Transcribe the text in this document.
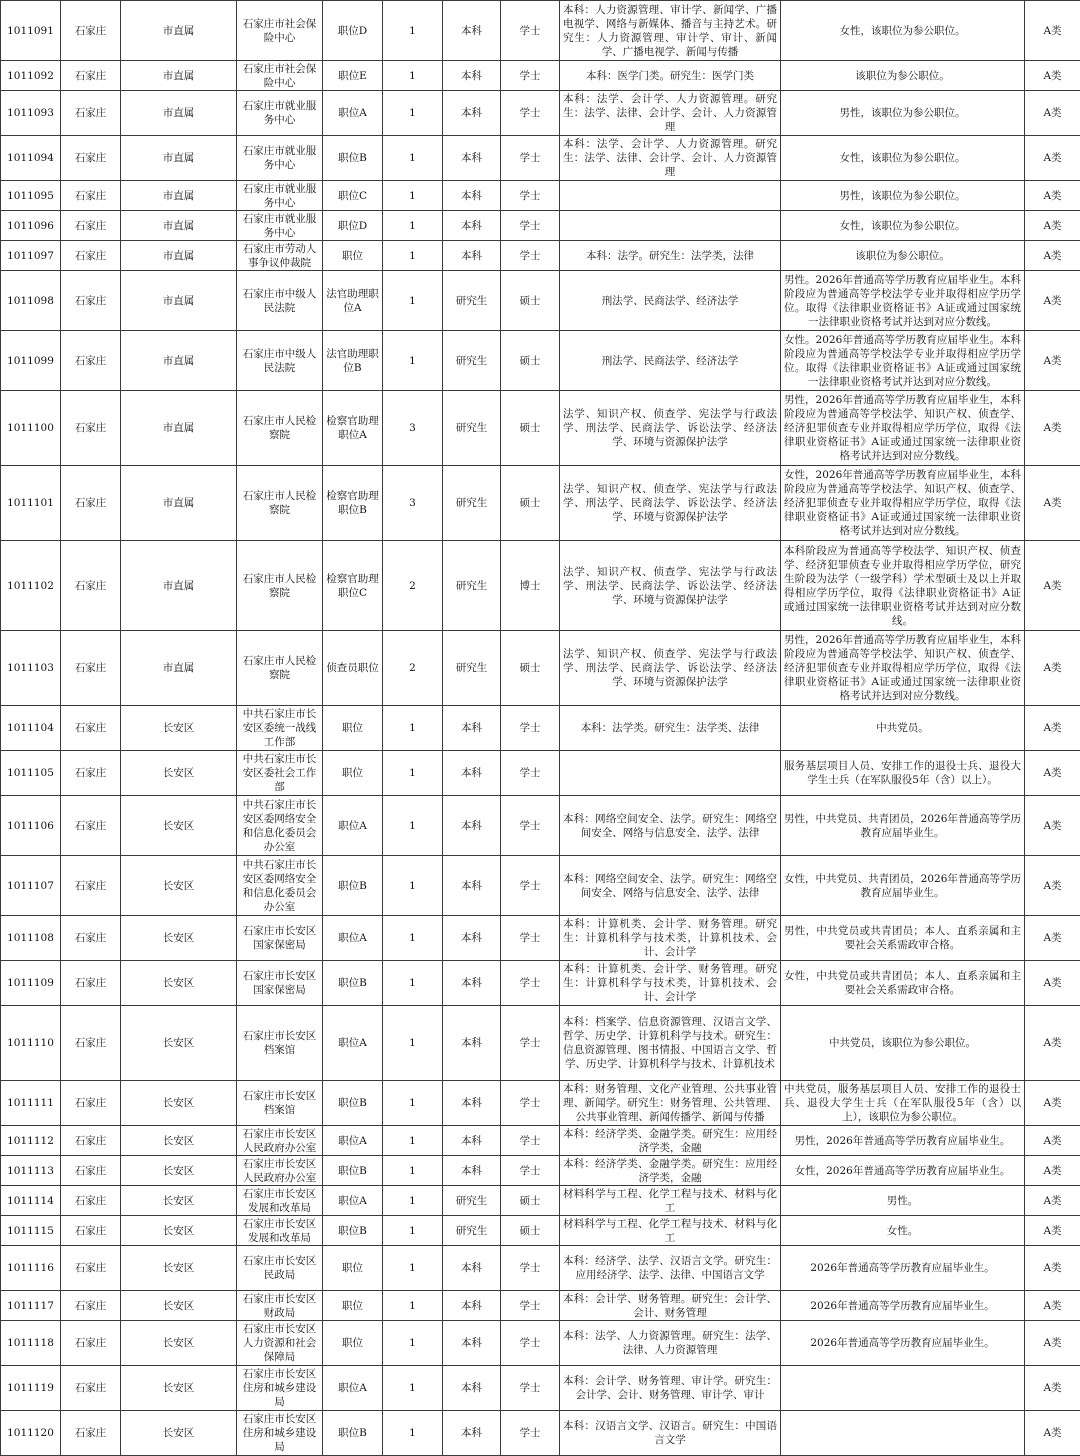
1011091	石家庄	市直属	石家庄市社会保险中心	职位D	1	本科	学士	本科：人力资源管理、审计学、新闻学、广播电视学、网络与新媒体、播音与主持艺术。研究生：人力资源管理、审计学、审计、新闻学、广播电视学、新闻与传播	女性，该职位为参公职位。	A类
1011092	石家庄	市直属	石家庄市社会保险中心	职位E	1	本科	学士	本科：医学门类。研究生：医学门类	该职位为参公职位。	A类
1011093	石家庄	市直属	石家庄市就业服务中心	职位A	1	本科	学士	本科：法学、会计学、人力资源管理。研究生：法学、法律、会计学、会计、人力资源管理	男性，该职位为参公职位。	A类
1011094	石家庄	市直属	石家庄市就业服务中心	职位B	1	本科	学士	本科：法学、会计学、人力资源管理。研究生：法学、法律、会计学、会计、人力资源管理	女性，该职位为参公职位。	A类
1011095	石家庄	市直属	石家庄市就业服务中心	职位C	1	本科	学士		男性，该职位为参公职位。	A类
1011096	石家庄	市直属	石家庄市就业服务中心	职位D	1	本科	学士		女性，该职位为参公职位。	A类
1011097	石家庄	市直属	石家庄市劳动人事争议仲裁院	职位	1	本科	学士	本科：法学。研究生：法学类，法律	该职位为参公职位。	A类
1011098	石家庄	市直属	石家庄市中级人民法院	法官助理职位A	1	研究生	硕士	刑法学、民商法学、经济法学	男性。2026年普通高等学历教育应届毕业生。本科阶段应为普通高等学校法学专业并取得相应学历学位。取得《法律职业资格证书》A证或通过国家统一法律职业资格考试并达到对应分数线。	A类
1011099	石家庄	市直属	石家庄市中级人民法院	法官助理职位B	1	研究生	硕士	刑法学、民商法学、经济法学	女性。2026年普通高等学历教育应届毕业生。本科阶段应为普通高等学校法学专业并取得相应学历学位。取得《法律职业资格证书》A证或通过国家统一法律职业资格考试并达到对应分数线。	A类
1011100	石家庄	市直属	石家庄市人民检察院	检察官助理职位A	3	研究生	硕士	法学、知识产权、侦查学、宪法学与行政法学、刑法学、民商法学、诉讼法学、经济法学、环境与资源保护法学	男性，2026年普通高等学历教育应届毕业生，本科阶段应为普通高等学校法学、知识产权、侦查学、经济犯罪侦查专业并取得相应学历学位，取得《法律职业资格证书》A证或通过国家统一法律职业资格考试并达到对应分数线。	A类
1011101	石家庄	市直属	石家庄市人民检察院	检察官助理职位B	3	研究生	硕士	法学、知识产权、侦查学、宪法学与行政法学、刑法学、民商法学、诉讼法学、经济法学、环境与资源保护法学	女性，2026年普通高等学历教育应届毕业生，本科阶段应为普通高等学校法学、知识产权、侦查学、经济犯罪侦查专业并取得相应学历学位，取得《法律职业资格证书》A证或通过国家统一法律职业资格考试并达到对应分数线。	A类
1011102	石家庄	市直属	石家庄市人民检察院	检察官助理职位C	2	研究生	博士	法学、知识产权、侦查学、宪法学与行政法学、刑法学、民商法学、诉讼法学、经济法学、环境与资源保护法学	本科阶段应为普通高等学校法学、知识产权、侦查学、经济犯罪侦查专业并取得相应学历学位，研究生阶段为法学（一级学科）学术型硕士及以上并取得相应学历学位，取得《法律职业资格证书》A证或通过国家统一法律职业资格考试并达到对应分数线。	A类
1011103	石家庄	市直属	石家庄市人民检察院	侦查员职位	2	研究生	硕士	法学、知识产权、侦查学、宪法学与行政法学、刑法学、民商法学、诉讼法学、经济法学、环境与资源保护法学	男性，2026年普通高等学历教育应届毕业生，本科阶段应为普通高等学校法学、知识产权、侦查学、经济犯罪侦查专业并取得相应学历学位，取得《法律职业资格证书》A证或通过国家统一法律职业资格考试并达到对应分数线。	A类
1011104	石家庄	长安区	中共石家庄市长安区委统一战线工作部	职位	1	本科	学士	本科：法学类。研究生：法学类、法律	中共党员。	A类
1011105	石家庄	长安区	中共石家庄市长安区委社会工作部	职位	1	本科	学士		服务基层项目人员、安排工作的退役士兵、退役大学生士兵（在军队服役5年（含）以上）。	A类
1011106	石家庄	长安区	中共石家庄市长安区委网络安全和信息化委员会办公室	职位A	1	本科	学士	本科：网络空间安全、法学。研究生：网络空间安全、网络与信息安全、法学、法律	男性，中共党员、共青团员，2026年普通高等学历教育应届毕业生。	A类
1011107	石家庄	长安区	中共石家庄市长安区委网络安全和信息化委员会办公室	职位B	1	本科	学士	本科：网络空间安全、法学。研究生：网络空间安全、网络与信息安全、法学、法律	女性，中共党员、共青团员，2026年普通高等学历教育应届毕业生。	A类
1011108	石家庄	长安区	石家庄市长安区国家保密局	职位A	1	本科	学士	本科：计算机类、会计学、财务管理。研究生：计算机科学与技术类，计算机技术、会计、会计学	男性，中共党员或共青团员；本人、直系亲属和主要社会关系需政审合格。	A类
1011109	石家庄	长安区	石家庄市长安区国家保密局	职位B	1	本科	学士	本科：计算机类、会计学、财务管理。研究生：计算机科学与技术类，计算机技术、会计、会计学	女性，中共党员或共青团员；本人、直系亲属和主要社会关系需政审合格。	A类
1011110	石家庄	长安区	石家庄市长安区档案馆	职位A	1	本科	学士	本科：档案学、信息资源管理、汉语言文学、哲学、历史学、计算机科学与技术。研究生：信息资源管理、图书情报、中国语言文学、哲学、历史学、计算机科学与技术、计算机技术	中共党员，该职位为参公职位。	A类
1011111	石家庄	长安区	石家庄市长安区档案馆	职位B	1	本科	学士	本科：财务管理、文化产业管理、公共事业管理、新闻学。研究生：财务管理、公共管理、公共事业管理、新闻传播学、新闻与传播	中共党员，服务基层项目人员、安排工作的退役士兵、退役大学生士兵（在军队服役5年（含）以上），该职位为参公职位。	A类
1011112	石家庄	长安区	石家庄市长安区人民政府办公室	职位A	1	本科	学士	本科：经济学类、金融学类。研究生：应用经济学类，金融	男性，2026年普通高等学历教育应届毕业生。	A类
1011113	石家庄	长安区	石家庄市长安区人民政府办公室	职位B	1	本科	学士	本科：经济学类、金融学类。研究生：应用经济学类，金融	女性，2026年普通高等学历教育应届毕业生。	A类
1011114	石家庄	长安区	石家庄市长安区发展和改革局	职位A	1	研究生	硕士	材料科学与工程、化学工程与技术、材料与化工	男性。	A类
1011115	石家庄	长安区	石家庄市长安区发展和改革局	职位B	1	研究生	硕士	材料科学与工程、化学工程与技术、材料与化工	女性。	A类
1011116	石家庄	长安区	石家庄市长安区民政局	职位	1	本科	学士	本科：经济学、法学、汉语言文学。研究生：应用经济学、法学、法律、中国语言文学	2026年普通高等学历教育应届毕业生。	A类
1011117	石家庄	长安区	石家庄市长安区财政局	职位	1	本科	学士	本科：会计学、财务管理。研究生：会计学、会计、财务管理	2026年普通高等学历教育应届毕业生。	A类
1011118	石家庄	长安区	石家庄市长安区人力资源和社会保障局	职位	1	本科	学士	本科：法学、人力资源管理。研究生：法学、法律、人力资源管理	2026年普通高等学历教育应届毕业生。	A类
1011119	石家庄	长安区	石家庄市长安区住房和城乡建设局	职位A	1	本科	学士	本科：会计学、财务管理、审计学。研究生：会计学、会计、财务管理、审计学、审计		A类
1011120	石家庄	长安区	石家庄市长安区住房和城乡建设局	职位B	1	本科	学士	本科：汉语言文学、汉语言。研究生：中国语言文学		A类
